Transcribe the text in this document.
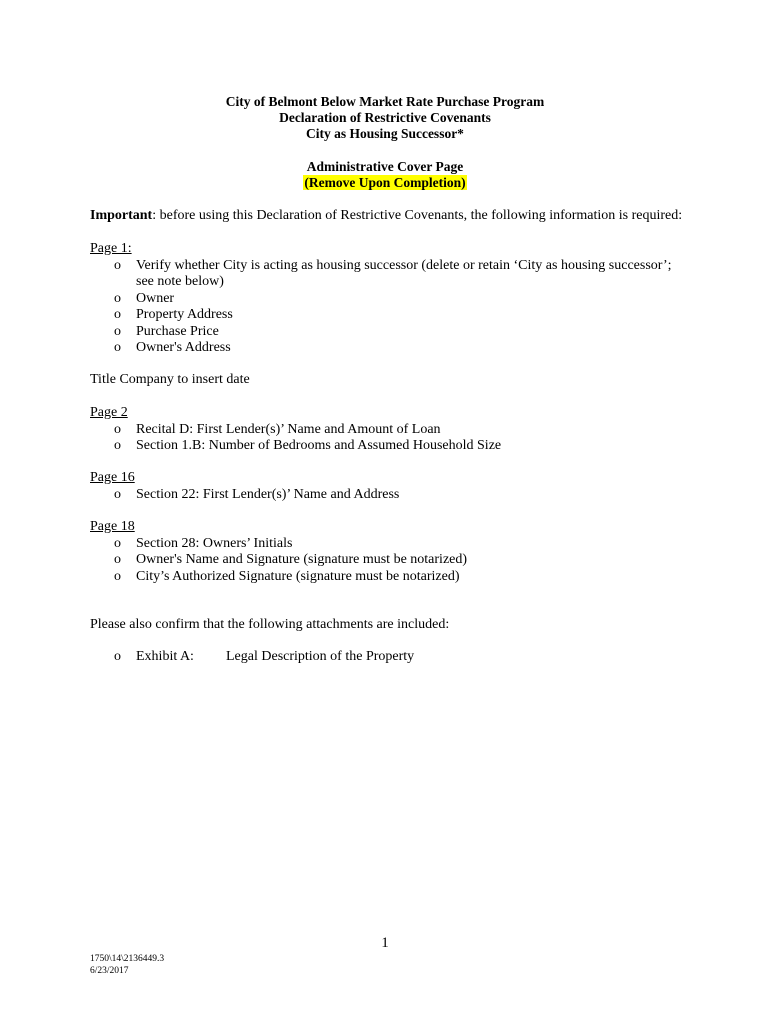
City of Belmont Below Market Rate Purchase Program
Declaration of Restrictive Covenants
City as Housing Successor*
Administrative Cover Page
(Remove Upon Completion)
Important: before using this Declaration of Restrictive Covenants, the following information is required:
Page 1:
o Verify whether City is acting as housing successor (delete or retain ‘City as housing successor’; see note below)
o Owner
o Property Address
o Purchase Price
o Owner's Address
Title Company to insert date
Page 2
o Recital D: First Lender(s)’ Name and Amount of Loan
o Section 1.B: Number of Bedrooms and Assumed Household Size
Page 16
o Section 22: First Lender(s)’ Name and Address
Page 18
o Section 28: Owners’ Initials
o Owner's Name and Signature (signature must be notarized)
o City’s Authorized Signature (signature must be notarized)
Please also confirm that the following attachments are included:
o Exhibit A: Legal Description of the Property
1
1750\14\2136449.3
6/23/2017
